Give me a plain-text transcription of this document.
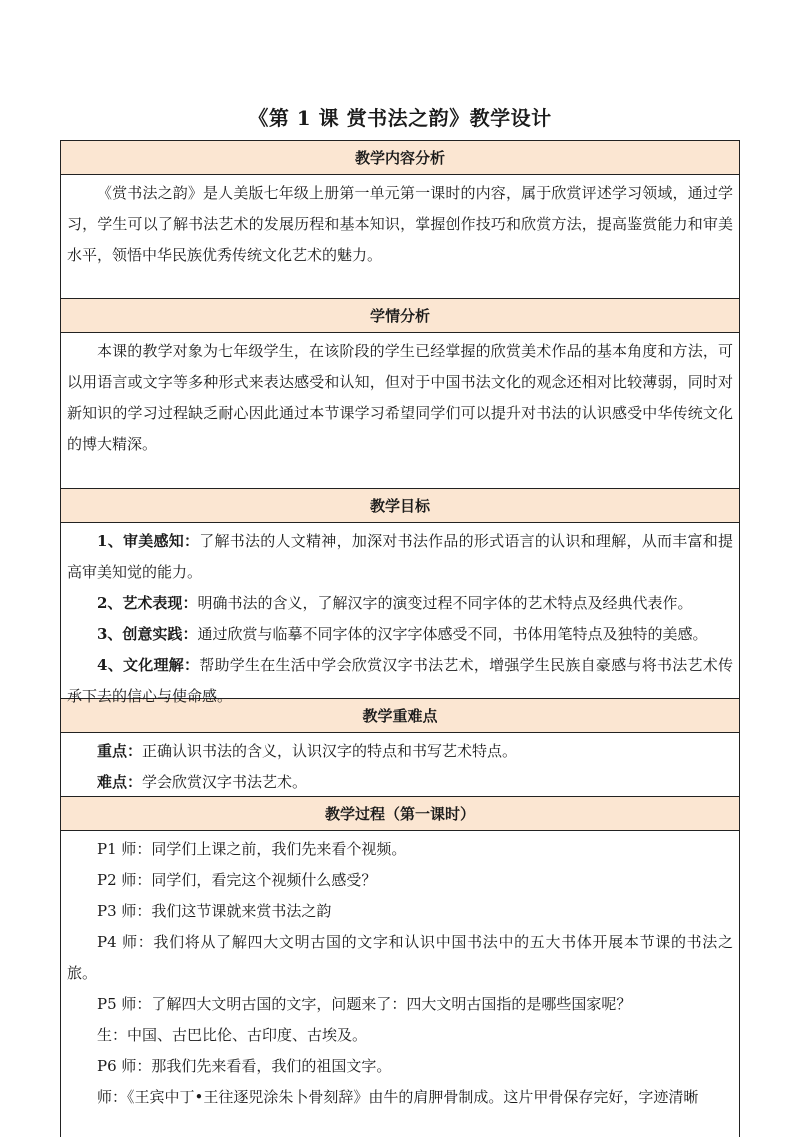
《第 1 课 赏书法之韵》教学设计
教学内容分析

《赏书法之韵》是人美版七年级上册第一单元第一课时的内容，属于欣赏评述学习领域，通过学习，学生可以了解书法艺术的发展历程和基本知识，掌握创作技巧和欣赏方法，提高鉴赏能力和审美水平，领悟中华民族优秀传统文化艺术的魅力。

学情分析

本课的教学对象为七年级学生，在该阶段的学生已经掌握的欣赏美术作品的基本角度和方法，可以用语言或文字等多种形式来表达感受和认知，但对于中国书法文化的观念还相对比较薄弱，同时对新知识的学习过程缺乏耐心因此通过本节课学习希望同学们可以提升对书法的认识感受中华传统文化的博大精深。

教学目标

1、审美感知：了解书法的人文精神，加深对书法作品的形式语言的认识和理解，从而丰富和提高审美知觉的能力。

2、艺术表现：明确书法的含义，了解汉字的演变过程不同字体的艺术特点及经典代表作。

3、创意实践：通过欣赏与临摹不同字体的汉字字体感受不同，书体用笔特点及独特的美感。

4、文化理解：帮助学生在生活中学会欣赏汉字书法艺术，增强学生民族自豪感与将书法艺术传承下去的信心与使命感。

教学重难点

重点：正确认识书法的含义，认识汉字的特点和书写艺术特点。

难点：学会欣赏汉字书法艺术。

教学过程（第一课时）

P1 师：同学们上课之前，我们先来看个视频。

P2 师：同学们，看完这个视频什么感受？

P3 师：我们这节课就来赏书法之韵

P4 师：我们将从了解四大文明古国的文字和认识中国书法中的五大书体开展本节课的书法之旅。

P5 师：了解四大文明古国的文字，问题来了：四大文明古国指的是哪些国家呢？

生：中国、古巴比伦、古印度、古埃及。

P6 师：那我们先来看看，我们的祖国文字。

师：《王宾中丁•王往逐兕涂朱卜骨刻辞》由牛的肩胛骨制成。这片甲骨保存完好，字迹清晰
